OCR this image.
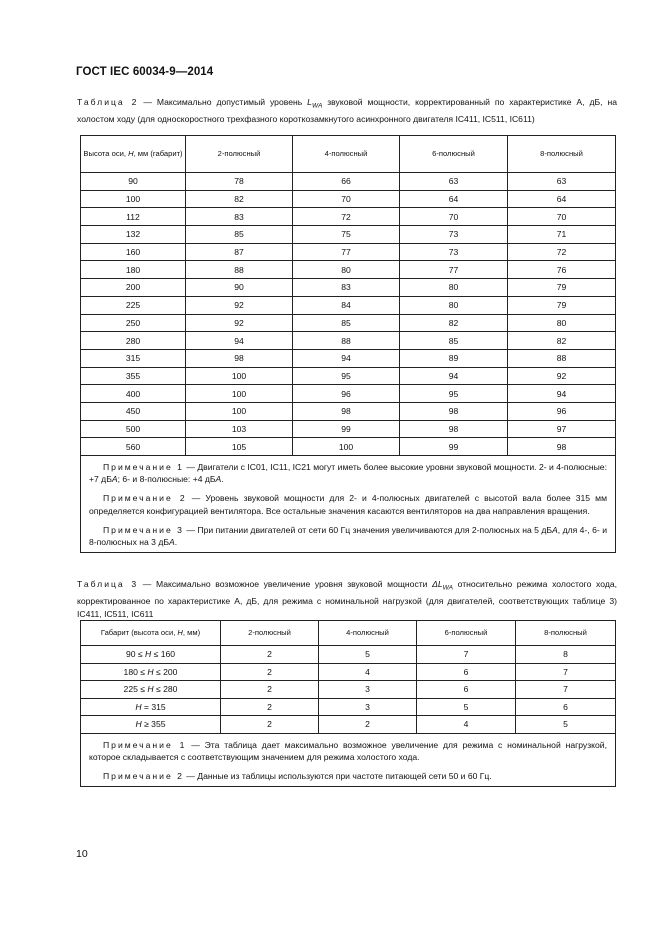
ГОСТ IEC 60034-9—2014
Таблица 2 — Максимально допустимый уровень $L_{WA}$ звуковой мощности, корректированный по характеристике А, дБ, на холостом ходу (для односкоростного трехфазного короткозамкнутого асинхронного двигателя IC411, IC511, IC611)
Высота оси, H, мм (габарит)	2-полюсный	4-полюсный	6-полюсный	8-полюсный
90	78	66	63	63
100	82	70	64	64
112	83	72	70	70
132	85	75	73	71
160	87	77	73	72
180	88	80	77	76
200	90	83	80	79
225	92	84	80	79
250	92	85	82	80
280	94	88	85	82
315	98	94	89	88
355	100	95	94	92
400	100	96	95	94
450	100	98	98	96
500	103	99	98	97
560	105	100	99	98

Примечание 1 — Двигатели с IC01, IC11, IC21 могут иметь более высокие уровни звуковой мощности. 2- и 4-полюсные: +7 дБA; 6- и 8-полюсные: +4 дБA.

Примечание 2 — Уровень звуковой мощности для 2- и 4-полюсных двигателей с высотой вала более 315 мм определяется конфигурацией вентилятора. Все остальные значения касаются вентиляторов на два направления вращения.

Примечание 3 — При питании двигателей от сети 60 Гц значения увеличиваются для 2-полюсных на 5 дБA, для 4-, 6- и 8-полюсных на 3 дБA.				

Таблица 3 — Максимально возможное увеличение уровня звуковой мощности $\Delta L_{WA}$ относительно режима холостого хода, корректированное по характеристике А, дБ, для режима с номинальной нагрузкой (для двигателей, соответствующих таблице 3) IC411, IC511, IC611
Габарит (высота оси, H, мм)	2-полюсный	4-полюсный	6-полюсный	8-полюсный
90 ≤ H ≤ 160	2	5	7	8
180 ≤ H ≤ 200	2	4	6	7
225 ≤ H ≤ 280	2	3	6	7
H = 315	2	3	5	6
H ≥ 355	2	2	4	5

Примечание 1 — Эта таблица дает максимально возможное увеличение для режима с номинальной нагрузкой, которое складывается с соответствующим значением для режима холостого хода.

Примечание 2 — Данные из таблицы используются при частоте питающей сети 50 и 60 Гц.				

10
